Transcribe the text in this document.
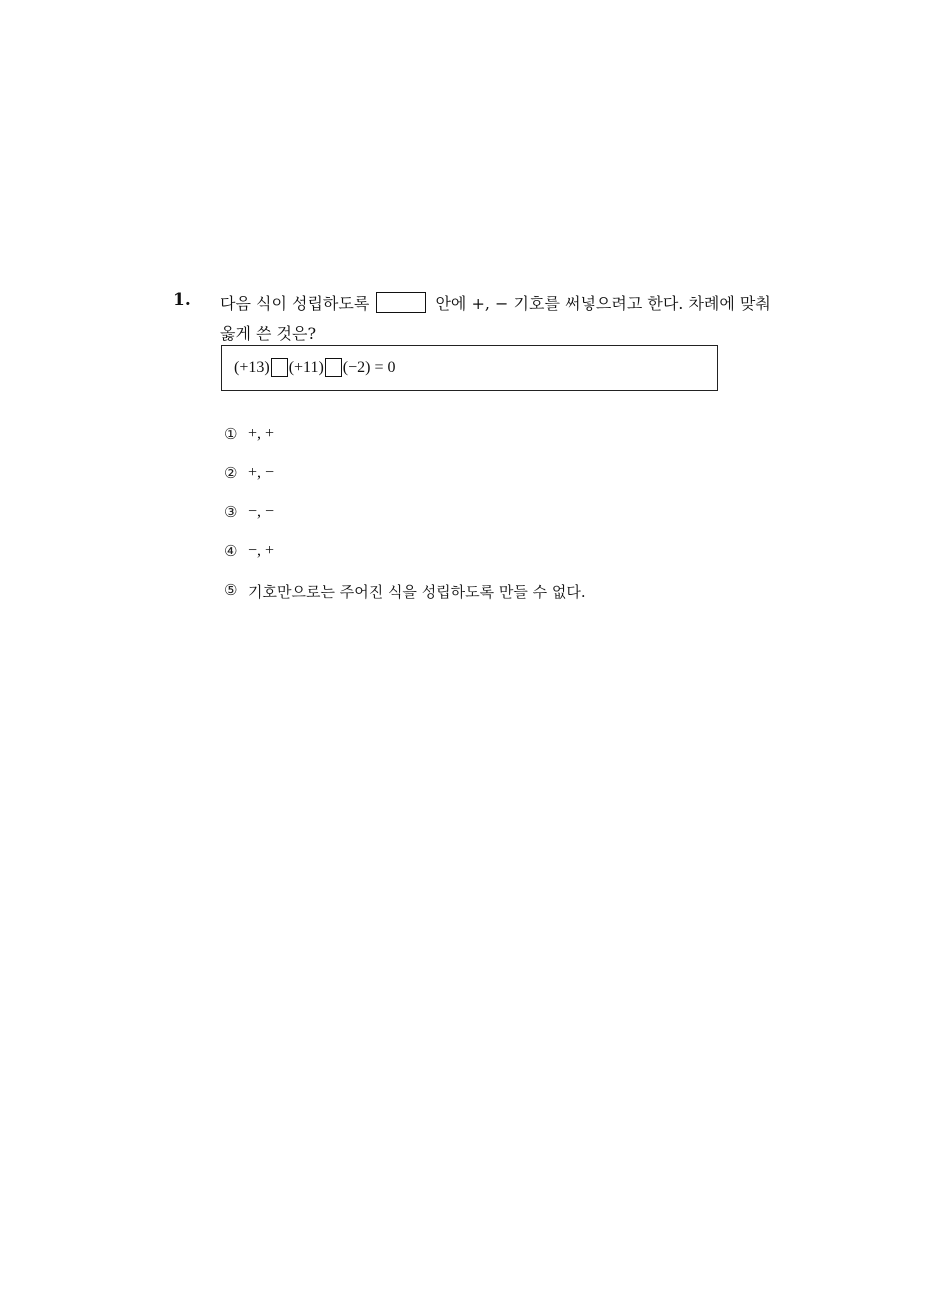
1. 다음 식이 성립하도록	안에 +, − 기호를 써넣으려고 한다. 차례에 맞춰
옳게 쓴 것은?
(+13) (+11) (−2) = 0
① +, +
② +, −
③ −, −
④ −, +
⑤ 기호만으로는 주어진 식을 성립하도록 만들 수 없다.
